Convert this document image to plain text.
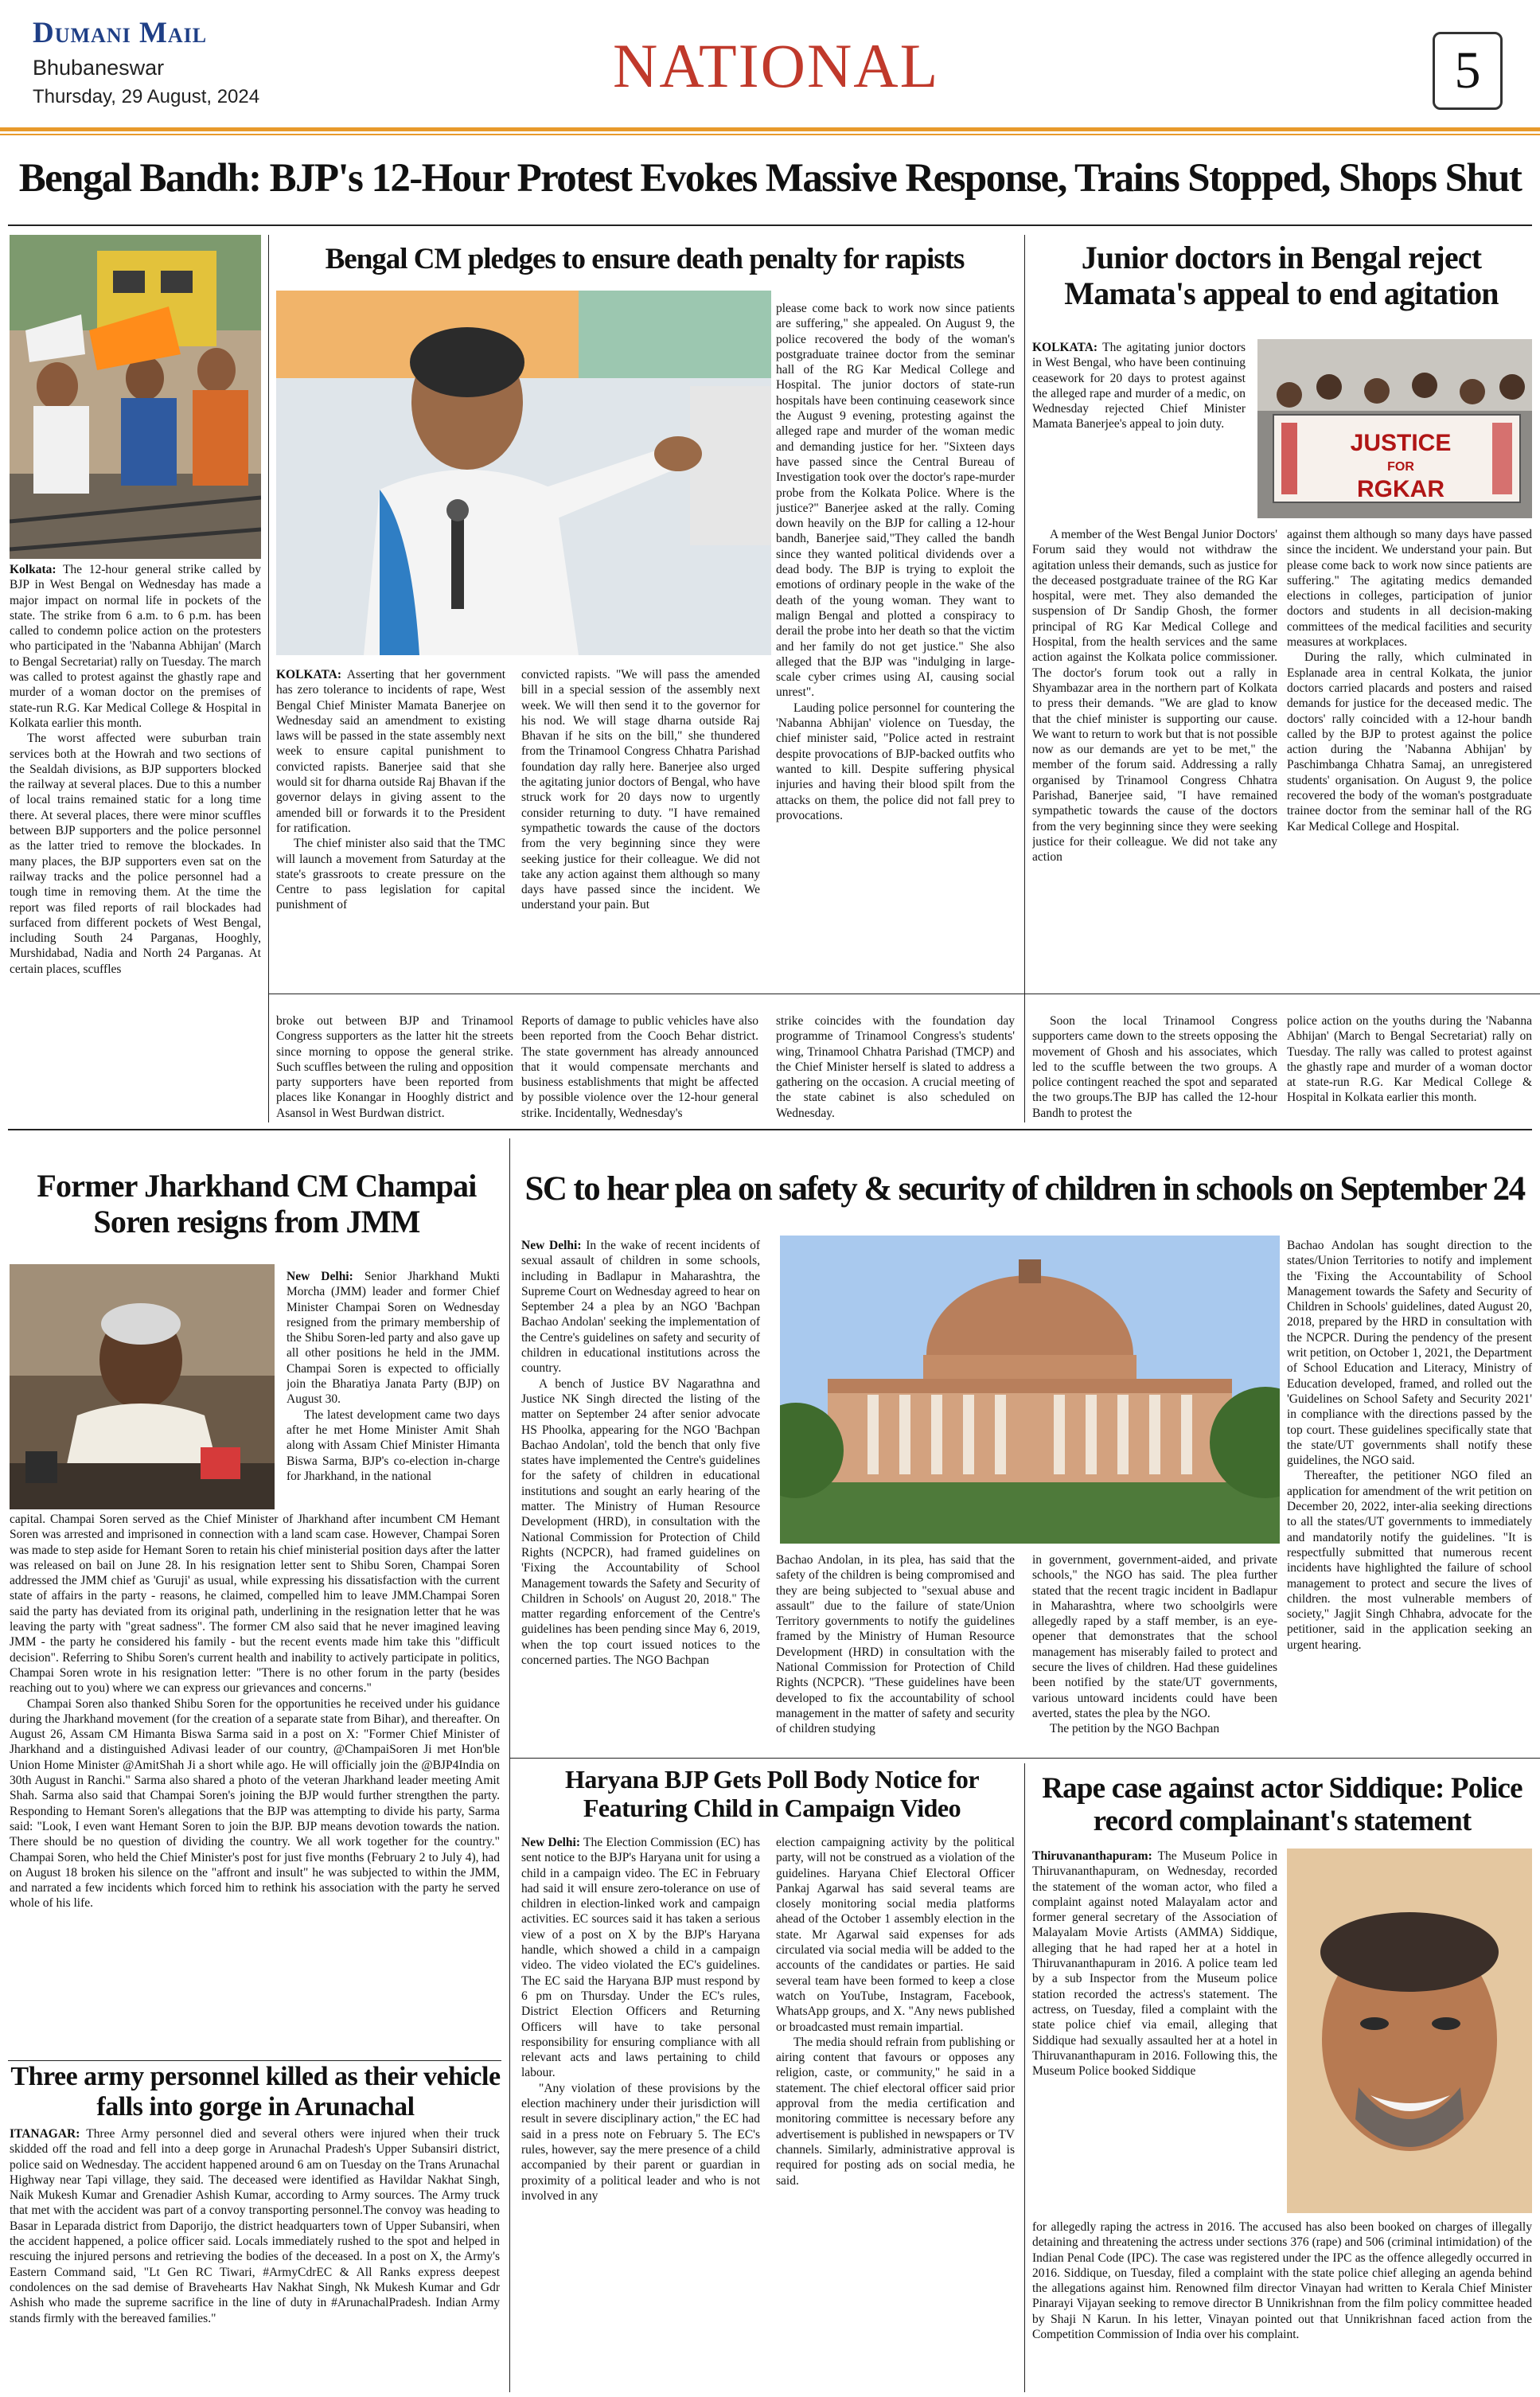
Dumani Mail
Bhubaneswar
Thursday, 29 August, 2024	NATIONAL	5
Bengal Bandh: BJP's 12-Hour Protest Evokes Massive Response, Trains Stopped, Shops Shut

Kolkata: The 12-hour general strike called by BJP in West Bengal on Wednesday has made a major impact on normal life in pockets of the state. The strike from 6 a.m. to 6 p.m. has been called to condemn police action on the protesters who participated in the 'Nabanna Abhijan' (March to Bengal Secretariat) rally on Tuesday. The march was called to protest against the ghastly rape and murder of a woman doctor on the premises of state-run R.G. Kar Medical College & Hospital in Kolkata earlier this month.

The worst affected were suburban train services both at the Howrah and two sections of the Sealdah divisions, as BJP supporters blocked the railway at several places. Due to this a number of local trains remained static for a long time there. At several places, there were minor scuffles between BJP supporters and the police personnel as the latter tried to remove the blockades. In many places, the BJP supporters even sat on the railway tracks and the police personnel had a tough time in removing them. At the time the report was filed reports of rail blockades had surfaced from different pockets of West Bengal, including South 24 Parganas, Hooghly, Murshidabad, Nadia and North 24 Parganas. At certain places, scuffles

Bengal CM pledges to ensure death penalty for rapists

KOLKATA: Asserting that her government has zero tolerance to incidents of rape, West Bengal Chief Minister Mamata Banerjee on Wednesday said an amendment to existing laws will be passed in the state assembly next week to ensure capital punishment to convicted rapists. Banerjee said that she would sit for dharna outside Raj Bhavan if the governor delays in giving assent to the amended bill or forwards it to the President for ratification.

The chief minister also said that the TMC will launch a movement from Saturday at the state's grassroots to create pressure on the Centre to pass legislation for capital punishment of

convicted rapists. "We will pass the amended bill in a special session of the assembly next week. We will then send it to the governor for his nod. We will stage dharna outside Raj Bhavan if he sits on the bill," she thundered from the Trinamool Congress Chhatra Parishad foundation day rally here. Banerjee also urged the agitating junior doctors of Bengal, who have struck work for 20 days now to urgently consider returning to duty. "I have remained sympathetic towards the cause of the doctors from the very beginning since they were seeking justice for their colleague. We did not take any action against them although so many days have passed since the incident. We understand your pain. But

please come back to work now since patients are suffering," she appealed. On August 9, the police recovered the body of the woman's postgraduate trainee doctor from the seminar hall of the RG Kar Medical College and Hospital. The junior doctors of state-run hospitals have been continuing ceasework since the August 9 evening, protesting against the alleged rape and murder of the woman medic and demanding justice for her. "Sixteen days have passed since the Central Bureau of Investigation took over the doctor's rape-murder probe from the Kolkata Police. Where is the justice?" Banerjee asked at the rally. Coming down heavily on the BJP for calling a 12-hour bandh, Banerjee said,"They called the bandh since they wanted political dividends over a dead body. The BJP is trying to exploit the emotions of ordinary people in the wake of the death of the young woman. They want to malign Bengal and plotted a conspiracy to derail the probe into her death so that the victim and her family do not get justice." She also alleged that the BJP was "indulging in large-scale cyber crimes using AI, causing social unrest".

Lauding police personnel for countering the 'Nabanna Abhijan' violence on Tuesday, the chief minister said, "Police acted in restraint despite provocations of BJP-backed outfits who wanted to kill. Despite suffering physical injuries and having their blood spilt from the attacks on them, the police did not fall prey to provocations.

broke out between BJP and Trinamool Congress supporters as the latter hit the streets since morning to oppose the general strike. Such scuffles between the ruling and opposition party supporters have been reported from places like Konangar in Hooghly district and Asansol in West Burdwan district.

Reports of damage to public vehicles have also been reported from the Cooch Behar district. The state government has already announced that it would compensate merchants and business establishments that might be affected by possible violence over the 12-hour general strike. Incidentally, Wednesday's

strike coincides with the foundation day programme of Trinamool Congress's students' wing, Trinamool Chhatra Parishad (TMCP) and the Chief Minister herself is slated to address a gathering on the occasion. A crucial meeting of the state cabinet is also scheduled on Wednesday.

Junior doctors in Bengal reject Mamata's appeal to end agitation

KOLKATA: The agitating junior doctors in West Bengal, who have been continuing ceasework for 20 days to protest against the alleged rape and murder of a medic, on Wednesday rejected Chief Minister Mamata Banerjee's appeal to join duty.

JUSTICE
FOR
RGKAR

A member of the West Bengal Junior Doctors' Forum said they would not withdraw the agitation unless their demands, such as justice for the deceased postgraduate trainee of the RG Kar hospital, were met. They also demanded the suspension of Dr Sandip Ghosh, the former principal of RG Kar Medical College and Hospital, from the health services and the same action against the Kolkata police commissioner. The doctor's forum took out a rally in Shyambazar area in the northern part of Kolkata to press their demands. "We are glad to know that the chief minister is supporting our cause. We want to return to work but that is not possible now as our demands are yet to be met," the member of the forum said. Addressing a rally organised by Trinamool Congress Chhatra Parishad, Banerjee said, "I have remained sympathetic towards the cause of the doctors from the very beginning since they were seeking justice for their colleague. We did not take any action

against them although so many days have passed since the incident. We understand your pain. But please come back to work now since patients are suffering." The agitating medics demanded elections in colleges, participation of junior doctors and students in all decision-making committees of the medical facilities and security measures at workplaces.

During the rally, which culminated in Esplanade area in central Kolkata, the junior doctors carried placards and posters and raised demands for justice for the deceased medic. The doctors' rally coincided with a 12-hour bandh called by the BJP to protest against the police action during the 'Nabanna Abhijan' by Paschimbanga Chhatra Samaj, an unregistered students' organisation. On August 9, the police recovered the body of the woman's postgraduate trainee doctor from the seminar hall of the RG Kar Medical College and Hospital.

Soon the local Trinamool Congress supporters came down to the streets opposing the movement of Ghosh and his associates, which led to the scuffle between the two groups. A police contingent reached the spot and separated the two groups.The BJP has called the 12-hour Bandh to protest the

police action on the youths during the 'Nabanna Abhijan' (March to Bengal Secretariat) rally on Tuesday. The rally was called to protest against the ghastly rape and murder of a woman doctor at state-run R.G. Kar Medical College & Hospital in Kolkata earlier this month.

Former Jharkhand CM Champai Soren resigns from JMM

New Delhi: Senior Jharkhand Mukti Morcha (JMM) leader and former Chief Minister Champai Soren on Wednesday resigned from the primary membership of the Shibu Soren-led party and also gave up all other positions he held in the JMM. Champai Soren is expected to officially join the Bharatiya Janata Party (BJP) on August 30.

The latest development came two days after he met Home Minister Amit Shah along with Assam Chief Minister Himanta Biswa Sarma, BJP's co-election in-charge for Jharkhand, in the national

capital. Champai Soren served as the Chief Minister of Jharkhand after incumbent CM Hemant Soren was arrested and imprisoned in connection with a land scam case. However, Champai Soren was made to step aside for Hemant Soren to retain his chief ministerial position days after the latter was released on bail on June 28. In his resignation letter sent to Shibu Soren, Champai Soren addressed the JMM chief as 'Guruji' as usual, while expressing his dissatisfaction with the current state of affairs in the party - reasons, he claimed, compelled him to leave JMM.Champai Soren said the party has deviated from its original path, underlining in the resignation letter that he was leaving the party with "great sadness". The former CM also said that he never imagined leaving JMM - the party he considered his family - but the recent events made him take this "difficult decision". Referring to Shibu Soren's current health and inability to actively participate in politics, Champai Soren wrote in his resignation letter: "There is no other forum in the party (besides reaching out to you) where we can express our grievances and concerns."

Champai Soren also thanked Shibu Soren for the opportunities he received under his guidance during the Jharkhand movement (for the creation of a separate state from Bihar), and thereafter. On August 26, Assam CM Himanta Biswa Sarma said in a post on X: "Former Chief Minister of Jharkhand and a distinguished Adivasi leader of our country, @ChampaiSoren Ji met Hon'ble Union Home Minister @AmitShah Ji a short while ago. He will officially join the @BJP4India on 30th August in Ranchi." Sarma also shared a photo of the veteran Jharkhand leader meeting Amit Shah. Sarma also said that Champai Soren's joining the BJP would further strengthen the party. Responding to Hemant Soren's allegations that the BJP was attempting to divide his party, Sarma said: "Look, I even want Hemant Soren to join the BJP. BJP means devotion towards the nation. There should be no question of dividing the country. We all work together for the country." Champai Soren, who held the Chief Minister's post for just five months (February 2 to July 4), had on August 18 broken his silence on the "affront and insult" he was subjected to within the JMM, and narrated a few incidents which forced him to rethink his association with the party he served whole of his life.

Three army personnel killed as their vehicle falls into gorge in Arunachal

ITANAGAR: Three Army personnel died and several others were injured when their truck skidded off the road and fell into a deep gorge in Arunachal Pradesh's Upper Subansiri district, police said on Wednesday. The accident happened around 6 am on Tuesday on the Trans Arunachal Highway near Tapi village, they said. The deceased were identified as Havildar Nakhat Singh, Naik Mukesh Kumar and Grenadier Ashish Kumar, according to Army sources. The Army truck that met with the accident was part of a convoy transporting personnel.The convoy was heading to Basar in Leparada district from Daporijo, the district headquarters town of Upper Subansiri, when the accident happened, a police officer said. Locals immediately rushed to the spot and helped in rescuing the injured persons and retrieving the bodies of the deceased. In a post on X, the Army's Eastern Command said, "Lt Gen RC Tiwari, #ArmyCdrEC & All Ranks express deepest condolences on the sad demise of Bravehearts Hav Nakhat Singh, Nk Mukesh Kumar and Gdr Ashish who made the supreme sacrifice in the line of duty in #ArunachalPradesh. Indian Army stands firmly with the bereaved families."

SC to hear plea on safety & security of children in schools on September 24

New Delhi: In the wake of recent incidents of sexual assault of children in some schools, including in Badlapur in Maharashtra, the Supreme Court on Wednesday agreed to hear on September 24 a plea by an NGO 'Bachpan Bachao Andolan' seeking the implementation of the Centre's guidelines on safety and security of children in educational institutions across the country.

A bench of Justice BV Nagarathna and Justice NK Singh directed the listing of the matter on September 24 after senior advocate HS Phoolka, appearing for the NGO 'Bachpan Bachao Andolan', told the bench that only five states have implemented the Centre's guidelines for the safety of children in educational institutions and sought an early hearing of the matter. The Ministry of Human Resource Development (HRD), in consultation with the National Commission for Protection of Child Rights (NCPCR), had framed guidelines on 'Fixing the Accountability of School Management towards the Safety and Security of Children in Schools' on August 20, 2018." The matter regarding enforcement of the Centre's guidelines has been pending since May 6, 2019, when the top court issued notices to the concerned parties. The NGO Bachpan

Bachao Andolan, in its plea, has said that the safety of the children is being compromised and they are being subjected to "sexual abuse and assault" due to the failure of state/Union Territory governments to notify the guidelines framed by the Ministry of Human Resource Development (HRD) in consultation with the National Commission for Protection of Child Rights (NCPCR). "These guidelines have been developed to fix the accountability of school management in the matter of safety and security of children studying

in government, government-aided, and private schools," the NGO has said. The plea further stated that the recent tragic incident in Badlapur in Maharashtra, where two schoolgirls were allegedly raped by a staff member, is an eye-opener that demonstrates that the school management has miserably failed to protect and secure the lives of children. Had these guidelines been notified by the state/UT governments, various untoward incidents could have been averted, states the plea by the NGO.

The petition by the NGO Bachpan

Bachao Andolan has sought direction to the states/Union Territories to notify and implement the 'Fixing the Accountability of School Management towards the Safety and Security of Children in Schools' guidelines, dated August 20, 2018, prepared by the HRD in consultation with the NCPCR. During the pendency of the present writ petition, on October 1, 2021, the Department of School Education and Literacy, Ministry of Education developed, framed, and rolled out the 'Guidelines on School Safety and Security 2021' in compliance with the directions passed by the top court. These guidelines specifically state that the state/UT governments shall notify these guidelines, the NGO said.

Thereafter, the petitioner NGO filed an application for amendment of the writ petition on December 20, 2022, inter-alia seeking directions to all the states/UT governments to immediately and mandatorily notify the guidelines. "It is respectfully submitted that numerous recent incidents have highlighted the failure of school management to protect and secure the lives of children. the most vulnerable members of society," Jagjit Singh Chhabra, advocate for the petitioner, said in the application seeking an urgent hearing.

Haryana BJP Gets Poll Body Notice for Featuring Child in Campaign Video

New Delhi: The Election Commission (EC) has sent notice to the BJP's Haryana unit for using a child in a campaign video. The EC in February had said it will ensure zero-tolerance on use of children in election-linked work and campaign activities. EC sources said it has taken a serious view of a post on X by the BJP's Haryana handle, which showed a child in a campaign video. The video violated the EC's guidelines. The EC said the Haryana BJP must respond by 6 pm on Thursday. Under the EC's rules, District Election Officers and Returning Officers will have to take personal responsibility for ensuring compliance with all relevant acts and laws pertaining to child labour.

"Any violation of these provisions by the election machinery under their jurisdiction will result in severe disciplinary action," the EC had said in a press note on February 5. The EC's rules, however, say the mere presence of a child accompanied by their parent or guardian in proximity of a political leader and who is not involved in any

election campaigning activity by the political party, will not be construed as a violation of the guidelines. Haryana Chief Electoral Officer Pankaj Agarwal has said several teams are closely monitoring social media platforms ahead of the October 1 assembly election in the state. Mr Agarwal said expenses for ads circulated via social media will be added to the accounts of the candidates or parties. He said several team have been formed to keep a close watch on YouTube, Instagram, Facebook, WhatsApp groups, and X. "Any news published or broadcasted must remain impartial.

The media should refrain from publishing or airing content that favours or opposes any religion, caste, or community," he said in a statement. The chief electoral officer said prior approval from the media certification and monitoring committee is necessary before any advertisement is published in newspapers or TV channels. Similarly, administrative approval is required for posting ads on social media, he said.

Rape case against actor Siddique: Police record complainant's statement

Thiruvananthapuram: The Museum Police in Thiruvananthapuram, on Wednesday, recorded the statement of the woman actor, who filed a complaint against noted Malayalam actor and former general secretary of the Association of Malayalam Movie Artists (AMMA) Siddique, alleging that he had raped her at a hotel in Thiruvananthapuram in 2016. A police team led by a sub Inspector from the Museum police station recorded the actress's statement. The actress, on Tuesday, filed a complaint with the state police chief via email, alleging that Siddique had sexually assaulted her at a hotel in Thiruvananthapuram in 2016. Following this, the Museum Police booked Siddique

for allegedly raping the actress in 2016. The accused has also been booked on charges of illegally detaining and threatening the actress under sections 376 (rape) and 506 (criminal intimidation) of the Indian Penal Code (IPC). The case was registered under the IPC as the offence allegedly occurred in 2016. Siddique, on Tuesday, filed a complaint with the state police chief alleging an agenda behind the allegations against him. Renowned film director Vinayan had written to Kerala Chief Minister Pinarayi Vijayan seeking to remove director B Unnikrishnan from the film policy committee headed by Shaji N Karun. In his letter, Vinayan pointed out that Unnikrishnan faced action from the Competition Commission of India over his complaint.
